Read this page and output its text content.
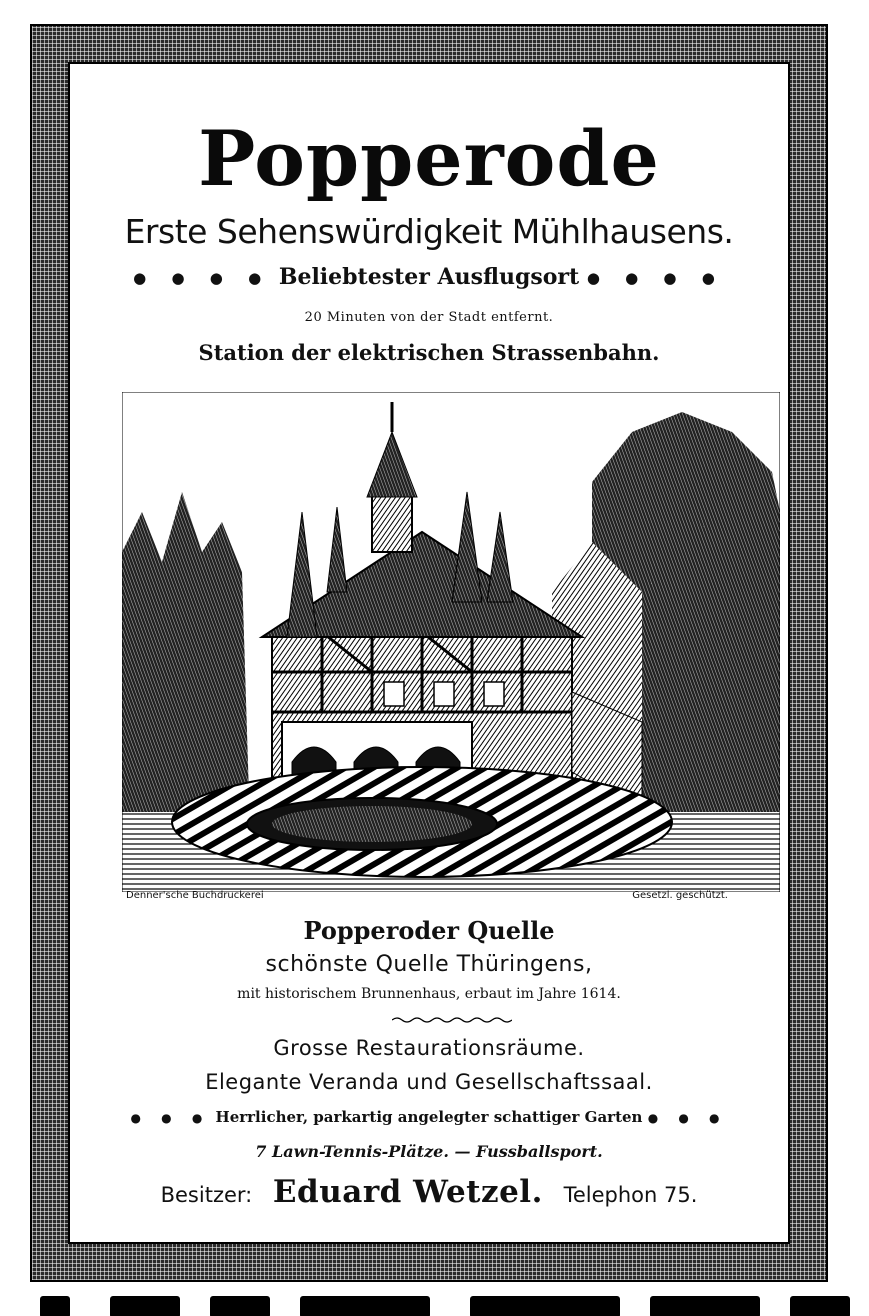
Popperode
Erste Sehenswürdigkeit Mühlhausens.
● ● ● ● Beliebtester Ausflugsort ● ● ● ●
20 Minuten von der Stadt entfernt.
Station der elektrischen Strassenbahn.
Denner'sche Buchdruckerei	Gesetzl. geschützt.
Popperoder Quelle
schönste Quelle Thüringens,
mit historischem Brunnenhaus, erbaut im Jahre 1614.
Grosse Restaurationsräume.
Elegante Veranda und Gesellschaftssaal.
● ● ● Herrlicher, parkartig angelegter schattiger Garten ● ● ●
7 Lawn-Tennis-Plätze. — Fussballsport.
Besitzer: Eduard Wetzel. Telephon 75.
